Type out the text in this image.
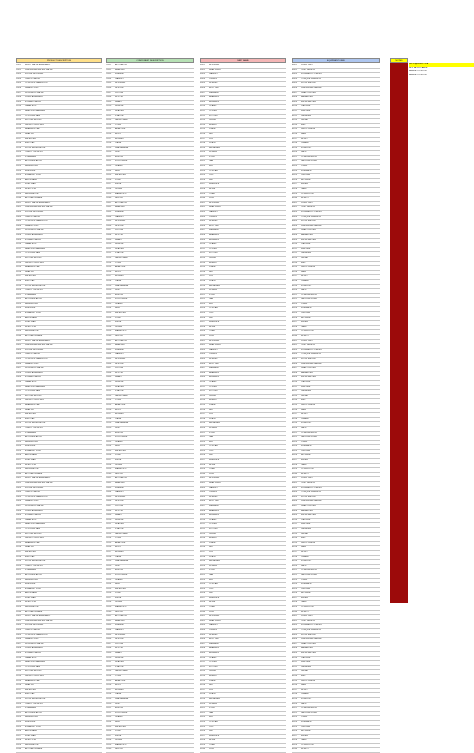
PRODUCT DESCRIPTION
P001	INLET VALVE ASSEMBLY
P002	PRESSURE RELIEF VALVE
P003	FILTER HOUSING
P004	CHECK VALVE
P005	CONTROL MANIFOLD
P006	DRAIN PLUG
P007	SOLENOID VALVE
P008	PUMP ASSEMBLY
P009	BYPASS VALVE
P010	GEAR BOX
P011	HEAT EXCHANGER
P012	COOLING FAN
P013	MOTOR MOUNT
P014	DRIVE COUPLING
P015	BEARING CAP
P016	SEAL KIT
P017	IMPELLER
P018	END CAP
P019	FLOW REGULATOR
P020	THROTTLE BODY
P021	STRAINER
P022	ACCUMULATOR
P023	RESERVOIR
P024	MUFFLER
P025	EXHAUST PIPE
P026	AIR INTAKE
P027	FUEL RAIL
P028	INJECTOR
P029	REGULATOR
P030	ACTUATOR ARM
P001	INLET VALVE ASSEMBLY
P002	PRESSURE RELIEF VALVE
P003	FILTER HOUSING
P004	CHECK VALVE
P005	CONTROL MANIFOLD
P006	DRAIN PLUG
P007	SOLENOID VALVE
P008	PUMP ASSEMBLY
P009	BYPASS VALVE
P010	GEAR BOX
P011	HEAT EXCHANGER
P012	COOLING FAN
P013	MOTOR MOUNT
P014	DRIVE COUPLING
P015	BEARING CAP
P016	SEAL KIT
P017	IMPELLER
P018	END CAP
P019	FLOW REGULATOR
P020	THROTTLE BODY
P021	STRAINER
P022	ACCUMULATOR
P023	RESERVOIR
P024	MUFFLER
P025	EXHAUST PIPE
P026	AIR INTAKE
P027	FUEL RAIL
P028	INJECTOR
P029	REGULATOR
P030	ACTUATOR ARM
P001	INLET VALVE ASSEMBLY
P002	PRESSURE RELIEF VALVE
P003	FILTER HOUSING
P004	CHECK VALVE
P005	CONTROL MANIFOLD
P006	DRAIN PLUG
P007	SOLENOID VALVE
P008	PUMP ASSEMBLY
P009	BYPASS VALVE
P010	GEAR BOX
P011	HEAT EXCHANGER
P012	COOLING FAN
P013	MOTOR MOUNT
P014	DRIVE COUPLING
P015	BEARING CAP
P016	SEAL KIT
P017	IMPELLER
P018	END CAP
P019	FLOW REGULATOR
P020	THROTTLE BODY
P021	STRAINER
P022	ACCUMULATOR
P023	RESERVOIR
P024	MUFFLER
P025	EXHAUST PIPE
P026	AIR INTAKE
P027	FUEL RAIL
P028	INJECTOR
P029	REGULATOR
P030	ACTUATOR ARM
P001	INLET VALVE ASSEMBLY
P002	PRESSURE RELIEF VALVE
P003	FILTER HOUSING
P004	CHECK VALVE
P005	CONTROL MANIFOLD
P006	DRAIN PLUG
P007	SOLENOID VALVE
P008	PUMP ASSEMBLY
P009	BYPASS VALVE
P010	GEAR BOX
P011	HEAT EXCHANGER
P012	COOLING FAN
P013	MOTOR MOUNT
P014	DRIVE COUPLING
P015	BEARING CAP
P016	SEAL KIT
P017	IMPELLER
P018	END CAP
P019	FLOW REGULATOR
P020	THROTTLE BODY
P021	STRAINER
P022	ACCUMULATOR
P023	RESERVOIR
P024	MUFFLER
P025	EXHAUST PIPE
P026	AIR INTAKE
P027	FUEL RAIL
P028	INJECTOR
P029	REGULATOR
P030	ACTUATOR ARM
P001	INLET VALVE ASSEMBLY
P002	PRESSURE RELIEF VALVE
P003	FILTER HOUSING
P004	CHECK VALVE
P005	CONTROL MANIFOLD
P006	DRAIN PLUG
P007	SOLENOID VALVE
P008	PUMP ASSEMBLY
P009	BYPASS VALVE
P010	GEAR BOX
P011	HEAT EXCHANGER
P012	COOLING FAN
P013	MOTOR MOUNT
P014	DRIVE COUPLING
P015	BEARING CAP
P016	SEAL KIT
P017	IMPELLER
P018	END CAP
P019	FLOW REGULATOR
P020	THROTTLE BODY
P021	STRAINER
P022	ACCUMULATOR
P023	RESERVOIR
P024	MUFFLER
P025	EXHAUST PIPE
P026	AIR INTAKE
P027	FUEL RAIL
P028	INJECTOR
P029	REGULATOR
P030	ACTUATOR ARM
COMPONENT DESCRIPTION
C001	ACTUATOR
C002	BRACKET
C003	FLANGE
C004	GASKET
C005	HOUSING
C006	NOZZLE
C007	PISTON
C008	ROTOR
C009	SHAFT
C010	SLEEVE
C011	SPACER
C012	STATOR
C013	VALVE SEAT
C014	YOKE
C015	ADAPTER
C016	BODY
C017	BONNET
C018	CAGE
C019	DIAPHRAGM
C020	DISC
C021	ELBOW
C022	FOLLOWER
C023	GLAND
C024	HUB
C025	IMPELLER
C026	JOINT
C027	KNOB
C028	LEVER
C029	MANIFOLD
C030	NIPPLE
C001	ACTUATOR
C002	BRACKET
C003	FLANGE
C004	GASKET
C005	HOUSING
C006	NOZZLE
C007	PISTON
C008	ROTOR
C009	SHAFT
C010	SLEEVE
C011	SPACER
C012	STATOR
C013	VALVE SEAT
C014	YOKE
C015	ADAPTER
C016	BODY
C017	BONNET
C018	CAGE
C019	DIAPHRAGM
C020	DISC
C021	ELBOW
C022	FOLLOWER
C023	GLAND
C024	HUB
C025	IMPELLER
C026	JOINT
C027	KNOB
C028	LEVER
C029	MANIFOLD
C030	NIPPLE
C001	ACTUATOR
C002	BRACKET
C003	FLANGE
C004	GASKET
C005	HOUSING
C006	NOZZLE
C007	PISTON
C008	ROTOR
C009	SHAFT
C010	SLEEVE
C011	SPACER
C012	STATOR
C013	VALVE SEAT
C014	YOKE
C015	ADAPTER
C016	BODY
C017	BONNET
C018	CAGE
C019	DIAPHRAGM
C020	DISC
C021	ELBOW
C022	FOLLOWER
C023	GLAND
C024	HUB
C025	IMPELLER
C026	JOINT
C027	KNOB
C028	LEVER
C029	MANIFOLD
C030	NIPPLE
C001	ACTUATOR
C002	BRACKET
C003	FLANGE
C004	GASKET
C005	HOUSING
C006	NOZZLE
C007	PISTON
C008	ROTOR
C009	SHAFT
C010	SLEEVE
C011	SPACER
C012	STATOR
C013	VALVE SEAT
C014	YOKE
C015	ADAPTER
C016	BODY
C017	BONNET
C018	CAGE
C019	DIAPHRAGM
C020	DISC
C021	ELBOW
C022	FOLLOWER
C023	GLAND
C024	HUB
C025	IMPELLER
C026	JOINT
C027	KNOB
C028	LEVER
C029	MANIFOLD
C030	NIPPLE
C001	ACTUATOR
C002	BRACKET
C003	FLANGE
C004	GASKET
C005	HOUSING
C006	NOZZLE
C007	PISTON
C008	ROTOR
C009	SHAFT
C010	SLEEVE
C011	SPACER
C012	STATOR
C013	VALVE SEAT
C014	YOKE
C015	ADAPTER
C016	BODY
C017	BONNET
C018	CAGE
C019	DIAPHRAGM
C020	DISC
C021	ELBOW
C022	FOLLOWER
C023	GLAND
C024	HUB
C025	IMPELLER
C026	JOINT
C027	KNOB
C028	LEVER
C029	MANIFOLD
C030	NIPPLE
PART NAME
K001	HOUSING
K002	SEAL RING
K003	GASKET
K004	O-RING
K005	SPRING
K006	BOLT SET
K007	WASHER
K008	BEARING
K009	BUSHING
K010	CLAMP
K011	COVER
K012	FITTING
K013	GUIDE
K014	INSERT
K015	LINER
K016	NUT
K017	PIN
K018	PLATE
K019	RETAINER
K020	SCREW
K021	STUD
K022	TAB
K023	KEY
K024	COLLAR
K025	CUP
K026	DIE
K027	FERRULE
K028	HOSE
K029	TUBE
K030	PIPE
K001	HOUSING
K002	SEAL RING
K003	GASKET
K004	O-RING
K005	SPRING
K006	BOLT SET
K007	WASHER
K008	BEARING
K009	BUSHING
K010	CLAMP
K011	COVER
K012	FITTING
K013	GUIDE
K014	INSERT
K015	LINER
K016	NUT
K017	PIN
K018	PLATE
K019	RETAINER
K020	SCREW
K021	STUD
K022	TAB
K023	KEY
K024	COLLAR
K025	CUP
K026	DIE
K027	FERRULE
K028	HOSE
K029	TUBE
K030	PIPE
K001	HOUSING
K002	SEAL RING
K003	GASKET
K004	O-RING
K005	SPRING
K006	BOLT SET
K007	WASHER
K008	BEARING
K009	BUSHING
K010	CLAMP
K011	COVER
K012	FITTING
K013	GUIDE
K014	INSERT
K015	LINER
K016	NUT
K017	PIN
K018	PLATE
K019	RETAINER
K020	SCREW
K021	STUD
K022	TAB
K023	KEY
K024	COLLAR
K025	CUP
K026	DIE
K027	FERRULE
K028	HOSE
K029	TUBE
K030	PIPE
K001	HOUSING
K002	SEAL RING
K003	GASKET
K004	O-RING
K005	SPRING
K006	BOLT SET
K007	WASHER
K008	BEARING
K009	BUSHING
K010	CLAMP
K011	COVER
K012	FITTING
K013	GUIDE
K014	INSERT
K015	LINER
K016	NUT
K017	PIN
K018	PLATE
K019	RETAINER
K020	SCREW
K021	STUD
K022	TAB
K023	KEY
K024	COLLAR
K025	CUP
K026	DIE
K027	FERRULE
K028	HOSE
K029	TUBE
K030	PIPE
K001	HOUSING
K002	SEAL RING
K003	GASKET
K004	O-RING
K005	SPRING
K006	BOLT SET
K007	WASHER
K008	BEARING
K009	BUSHING
K010	CLAMP
K011	COVER
K012	FITTING
K013	GUIDE
K014	INSERT
K015	LINER
K016	NUT
K017	PIN
K018	PLATE
K019	RETAINER
K020	SCREW
K021	STUD
K022	TAB
K023	KEY
K024	COLLAR
K025	CUP
K026	DIE
K027	FERRULE
K028	HOSE
K029	TUBE
K030	PIPE
EQUIPMENT USED
E001	PUMP UNIT
E002	TEST BENCH
E003	HYDRAULIC PRESS
E004	TORQUE WRENCH
E005	FLOW METER
E006	PRESSURE GAUGE
E007	LEAK TESTER
E008	BALANCER
E009	MICROMETER
E010	CALIPER
E011	WELDER
E012	GRINDER
E013	LATHE
E014	MILL
E015	DRILL PRESS
E016	SAW
E017	HOIST
E018	CRANE
E019	FORKLIFT
E020	JACK
E021	COMPRESSOR
E022	VACUUM PUMP
E023	OVEN
E024	FURNACE
E025	CHILLER
E026	BLOWER
E027	MIXER
E028	TANK
E029	CONVEYOR
E030	ROBOT
E001	PUMP UNIT
E002	TEST BENCH
E003	HYDRAULIC PRESS
E004	TORQUE WRENCH
E005	FLOW METER
E006	PRESSURE GAUGE
E007	LEAK TESTER
E008	BALANCER
E009	MICROMETER
E010	CALIPER
E011	WELDER
E012	GRINDER
E013	LATHE
E014	MILL
E015	DRILL PRESS
E016	SAW
E017	HOIST
E018	CRANE
E019	FORKLIFT
E020	JACK
E021	COMPRESSOR
E022	VACUUM PUMP
E023	OVEN
E024	FURNACE
E025	CHILLER
E026	BLOWER
E027	MIXER
E028	TANK
E029	CONVEYOR
E030	ROBOT
E001	PUMP UNIT
E002	TEST BENCH
E003	HYDRAULIC PRESS
E004	TORQUE WRENCH
E005	FLOW METER
E006	PRESSURE GAUGE
E007	LEAK TESTER
E008	BALANCER
E009	MICROMETER
E010	CALIPER
E011	WELDER
E012	GRINDER
E013	LATHE
E014	MILL
E015	DRILL PRESS
E016	SAW
E017	HOIST
E018	CRANE
E019	FORKLIFT
E020	JACK
E021	COMPRESSOR
E022	VACUUM PUMP
E023	OVEN
E024	FURNACE
E025	CHILLER
E026	BLOWER
E027	MIXER
E028	TANK
E029	CONVEYOR
E030	ROBOT
E001	PUMP UNIT
E002	TEST BENCH
E003	HYDRAULIC PRESS
E004	TORQUE WRENCH
E005	FLOW METER
E006	PRESSURE GAUGE
E007	LEAK TESTER
E008	BALANCER
E009	MICROMETER
E010	CALIPER
E011	WELDER
E012	GRINDER
E013	LATHE
E014	MILL
E015	DRILL PRESS
E016	SAW
E017	HOIST
E018	CRANE
E019	FORKLIFT
E020	JACK
E021	COMPRESSOR
E022	VACUUM PUMP
E023	OVEN
E024	FURNACE
E025	CHILLER
E026	BLOWER
E027	MIXER
E028	TANK
E029	CONVEYOR
E030	ROBOT
E001	PUMP UNIT
E002	TEST BENCH
E003	HYDRAULIC PRESS
E004	TORQUE WRENCH
E005	FLOW METER
E006	PRESSURE GAUGE
E007	LEAK TESTER
E008	BALANCER
E009	MICROMETER
E010	CALIPER
E011	WELDER
E012	GRINDER
E013	LATHE
E014	MILL
E015	DRILL PRESS
E016	SAW
E017	HOIST
E018	CRANE
E019	FORKLIFT
E020	JACK
E021	COMPRESSOR
E022	VACUUM PUMP
E023	OVEN
E024	FURNACE
E025	CHILLER
E026	BLOWER
E027	MIXER
E028	TANK
E029	CONVEYOR
E030	ROBOT
NOTES
Not supported / N/A
NOT APPLICABLE
REFER TO NOTE
REFER TO NOTE
